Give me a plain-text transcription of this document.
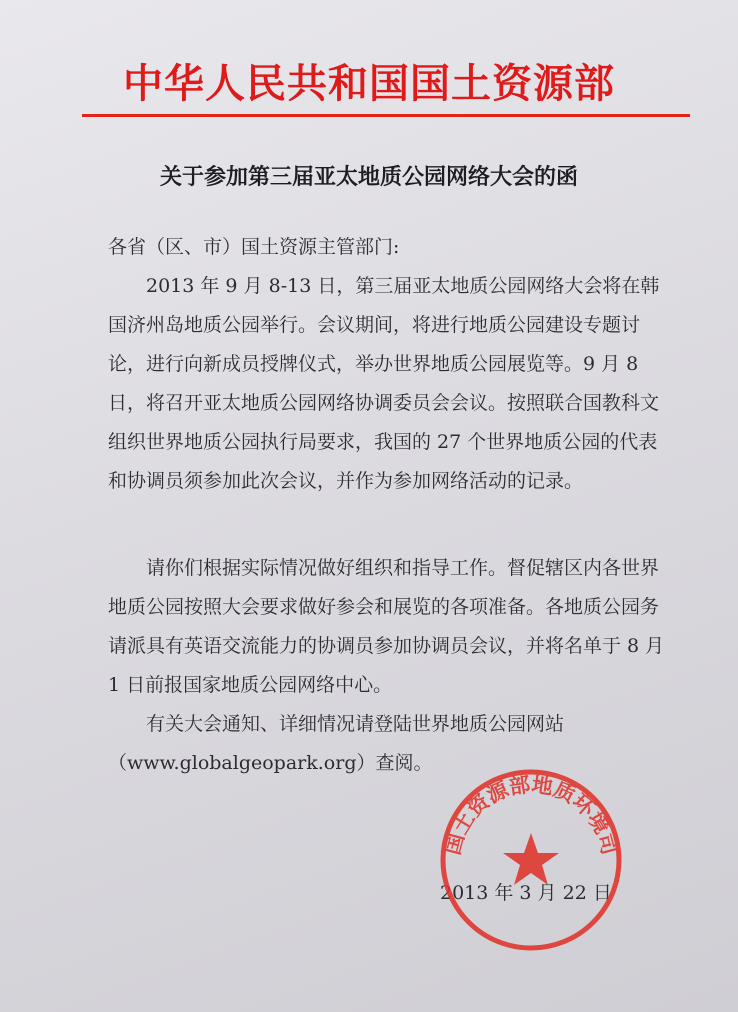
中华人民共和国国土资源部
关于参加第三届亚太地质公园网络大会的函
各省（区、市）国土资源主管部门:
2013 年 9 月 8-13 日，第三届亚太地质公园网络大会将在韩国济州岛地质公园举行。会议期间，将进行地质公园建设专题讨论，进行向新成员授牌仪式，举办世界地质公园展览等。9 月 8 日，将召开亚太地质公园网络协调委员会会议。按照联合国教科文组织世界地质公园执行局要求，我国的 27 个世界地质公园的代表和协调员须参加此次会议，并作为参加网络活动的记录。
请你们根据实际情况做好组织和指导工作。督促辖区内各世界地质公园按照大会要求做好参会和展览的各项准备。各地质公园务请派具有英语交流能力的协调员参加协调员会议，并将名单于 8 月 1 日前报国家地质公园网络中心。
有关大会通知、详细情况请登陆世界地质公园网站（www.globalgeopark.org）查阅。
2013 年 3 月 22 日
国土资源部地质环境司
